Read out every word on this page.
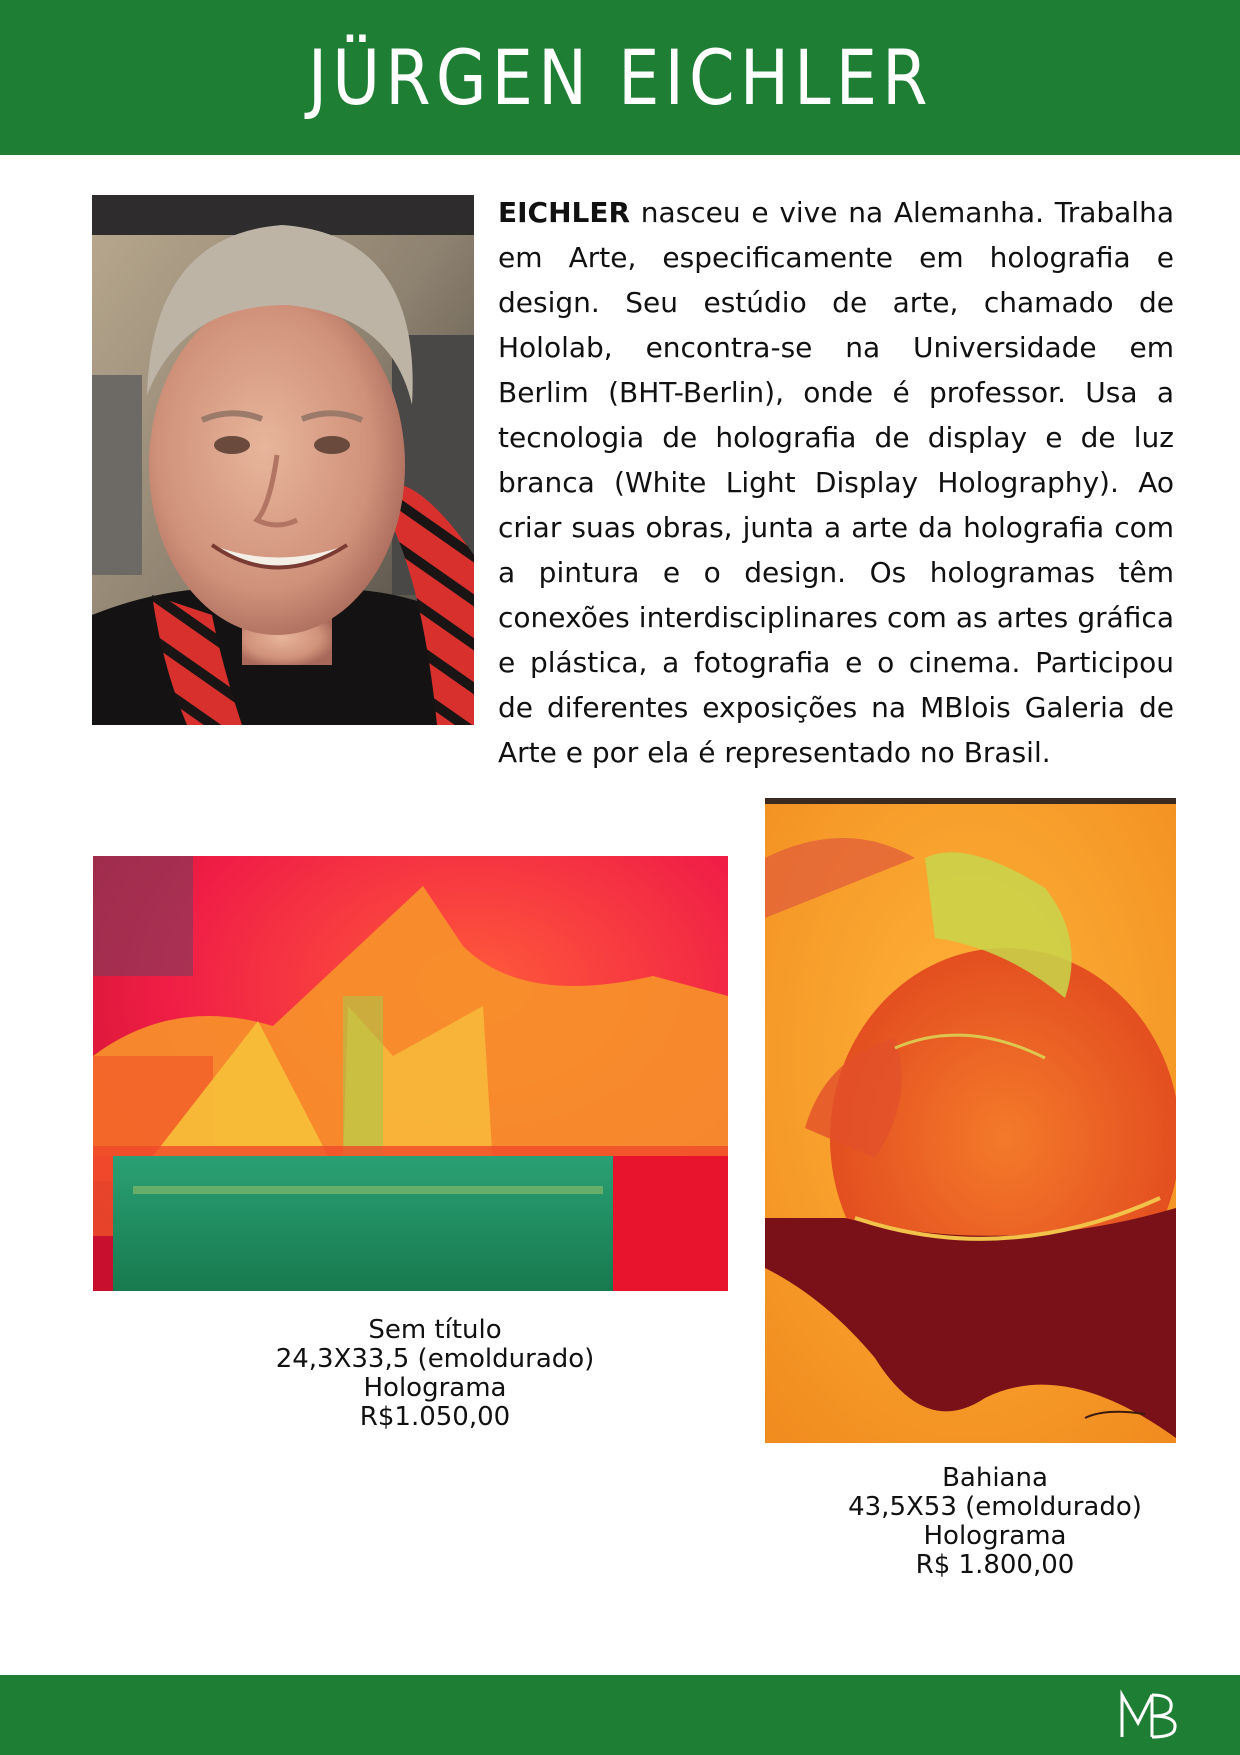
JÜRGEN EICHLER

EICHLER nasceu e vive na Alemanha. Trabalha em Arte, especificamente em holografia e design. Seu estúdio de arte, chamado de Hololab, encontra-se na Universidade em Berlim (BHT-Berlin), onde é professor. Usa a tecnologia de holografia de display e de luz branca (White Light Display Holography). Ao criar suas obras, junta a arte da holografia com a pintura e o design. Os hologramas têm conexões interdisciplinares com as artes gráfica e plástica, a fotografia e o cinema. Participou de diferentes exposições na MBlois Galeria de Arte e por ela é representado no Brasil.

Sem título
24,3X33,5 (emoldurado)
Holograma
R$1.050,00
Bahiana
43,5X53 (emoldurado)
Holograma
R$ 1.800,00
